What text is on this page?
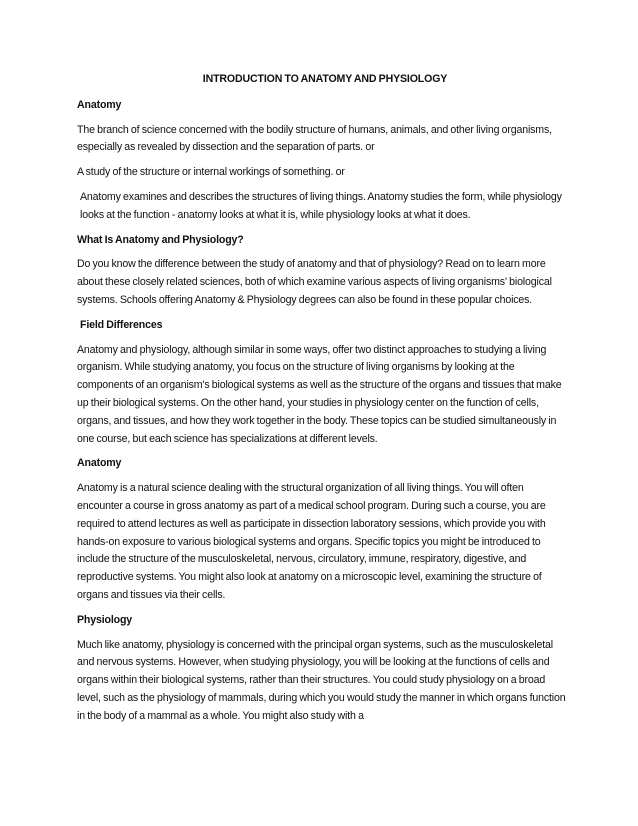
INTRODUCTION TO ANATOMY AND PHYSIOLOGY
Anatomy
The branch of science concerned with the bodily structure of humans, animals, and other living organisms, especially as revealed by dissection and the separation of parts. or
A study of the structure or internal workings of something. or
Anatomy examines and describes the structures of living things. Anatomy studies the form, while physiology looks at the function - anatomy looks at what it is, while physiology looks at what it does.
What Is Anatomy and Physiology?
Do you know the difference between the study of anatomy and that of physiology? Read on to learn more about these closely related sciences, both of which examine various aspects of living organisms' biological systems. Schools offering Anatomy & Physiology degrees can also be found in these popular choices.
Field Differences
Anatomy and physiology, although similar in some ways, offer two distinct approaches to studying a living organism. While studying anatomy, you focus on the structure of living organisms by looking at the components of an organism's biological systems as well as the structure of the organs and tissues that make up their biological systems. On the other hand, your studies in physiology center on the function of cells, organs, and tissues, and how they work together in the body. These topics can be studied simultaneously in one course, but each science has specializations at different levels.
Anatomy
Anatomy is a natural science dealing with the structural organization of all living things. You will often encounter a course in gross anatomy as part of a medical school program. During such a course, you are required to attend lectures as well as participate in dissection laboratory sessions, which provide you with hands-on exposure to various biological systems and organs. Specific topics you might be introduced to include the structure of the musculoskeletal, nervous, circulatory, immune, respiratory, digestive, and reproductive systems. You might also look at anatomy on a microscopic level, examining the structure of organs and tissues via their cells.
Physiology
Much like anatomy, physiology is concerned with the principal organ systems, such as the musculoskeletal and nervous systems. However, when studying physiology, you will be looking at the functions of cells and organs within their biological systems, rather than their structures. You could study physiology on a broad level, such as the physiology of mammals, during which you would study the manner in which organs function in the body of a mammal as a whole. You might also study with a
